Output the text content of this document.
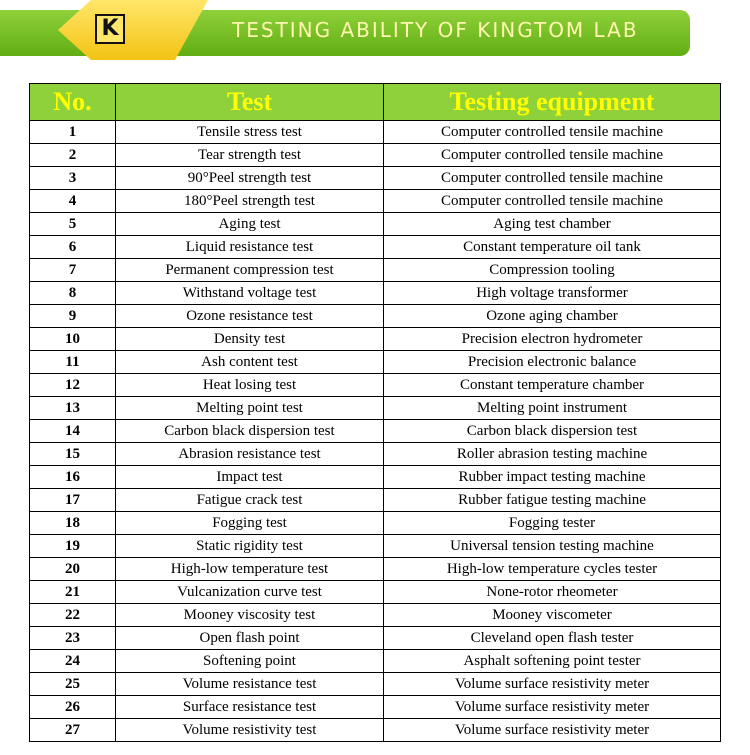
K	TESTING ABILITY OF KINGTOM LAB
No.	Test	Testing equipment
1	Tensile stress test	Computer controlled tensile machine
2	Tear strength test	Computer controlled tensile machine
3	90°Peel strength test	Computer controlled tensile machine
4	180°Peel strength test	Computer controlled tensile machine
5	Aging test	Aging test chamber
6	Liquid resistance test	Constant temperature oil tank
7	Permanent compression test	Compression tooling
8	Withstand voltage test	High voltage transformer
9	Ozone resistance test	Ozone aging chamber
10	Density test	Precision electron hydrometer
11	Ash content test	Precision electronic balance
12	Heat losing test	Constant temperature chamber
13	Melting point test	Melting point instrument
14	Carbon black dispersion test	Carbon black dispersion test
15	Abrasion resistance test	Roller abrasion testing machine
16	Impact test	Rubber impact testing machine
17	Fatigue crack test	Rubber fatigue testing machine
18	Fogging test	Fogging tester
19	Static rigidity test	Universal tension testing machine
20	High-low temperature test	High-low temperature cycles tester
21	Vulcanization curve test	None-rotor rheometer
22	Mooney viscosity test	Mooney viscometer
23	Open flash point	Cleveland open flash tester
24	Softening point	Asphalt softening point tester
25	Volume resistance test	Volume surface resistivity meter
26	Surface resistance test	Volume surface resistivity meter
27	Volume resistivity test	Volume surface resistivity meter
